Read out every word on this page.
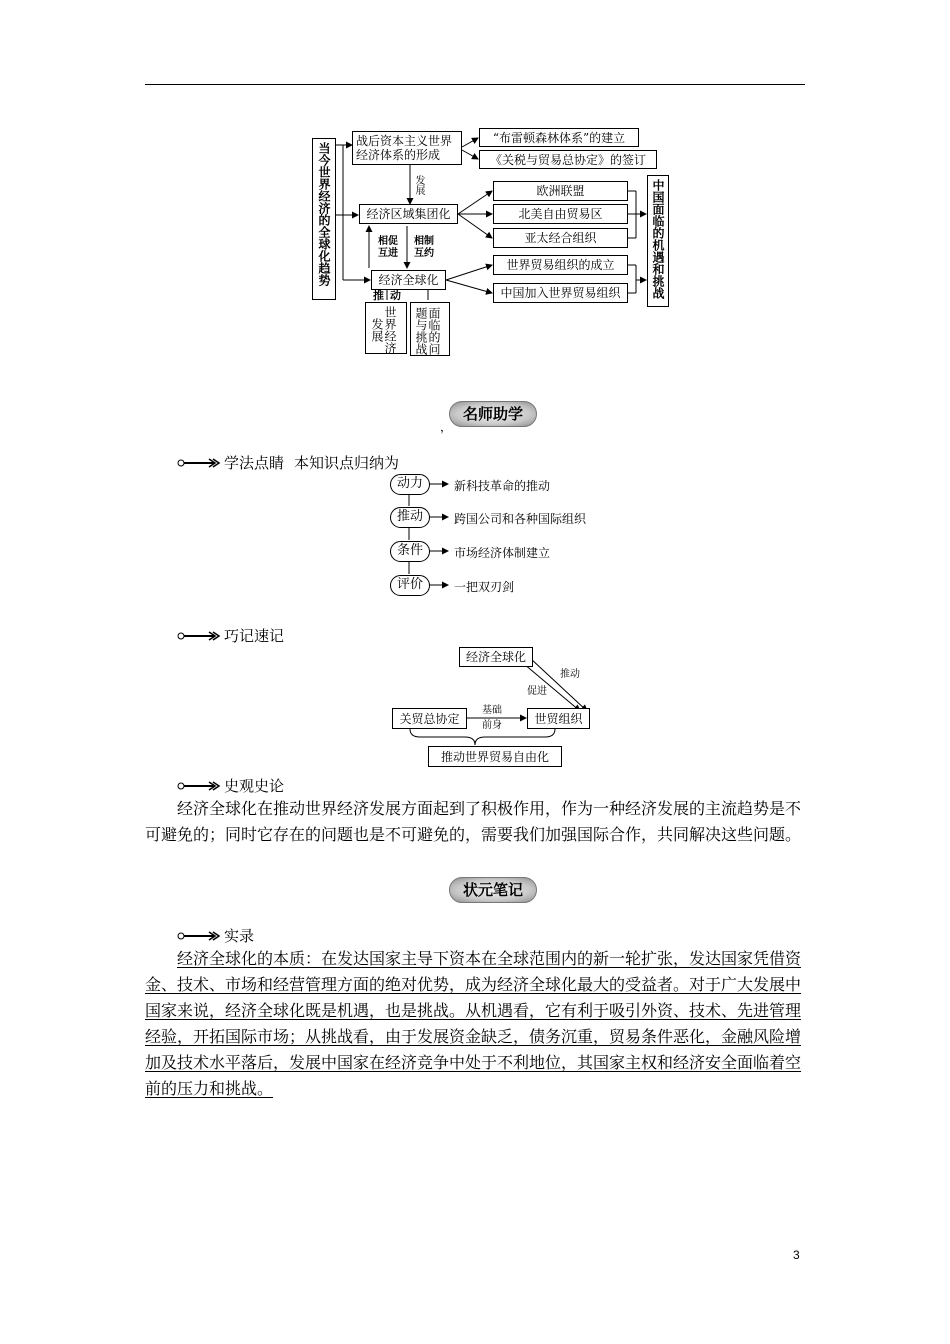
当今世界经济的全球化趋势
战后资本主义世界经济体系的形成
“布雷顿森林体系”的建立
《关税与贸易总协定》的签订
发展
经济区域集团化
欧洲联盟
北美自由贸易区
亚太经合组织
相促互进
相制互约
经济全球化
世界贸易组织的成立
中国加入世界贸易组织	中国面临的机遇和挑战
推动
世界经济发展	面临的问题与挑战
名师助学
，
学法点睛 本知识点归纳为
动力	新科技革命的推动
推动	跨国公司和各种国际组织
条件	市场经济体制建立
评价	一把双刃剑
巧记速记
经济全球化
推动
促进
关贸总协定
基础
前身	世贸组织
推动世界贸易自由化
史观史论
经济全球化在推动世界经济发展方面起到了积极作用，作为一种经济发展的主流趋势是不可避免的；同时它存在的问题也是不可避免的，需要我们加强国际合作，共同解决这些问题。
状元笔记
实录
经济全球化的本质：在发达国家主导下资本在全球范围内的新一轮扩张，发达国家凭借资金、技术、市场和经营管理方面的绝对优势，成为经济全球化最大的受益者。对于广大发展中国家来说，经济全球化既是机遇，也是挑战。从机遇看，它有利于吸引外资、技术、先进管理经验，开拓国际市场；从挑战看，由于发展资金缺乏，债务沉重，贸易条件恶化，金融风险增加及技术水平落后，发展中国家在经济竞争中处于不利地位，其国家主权和经济安全面临着空前的压力和挑战。
3
